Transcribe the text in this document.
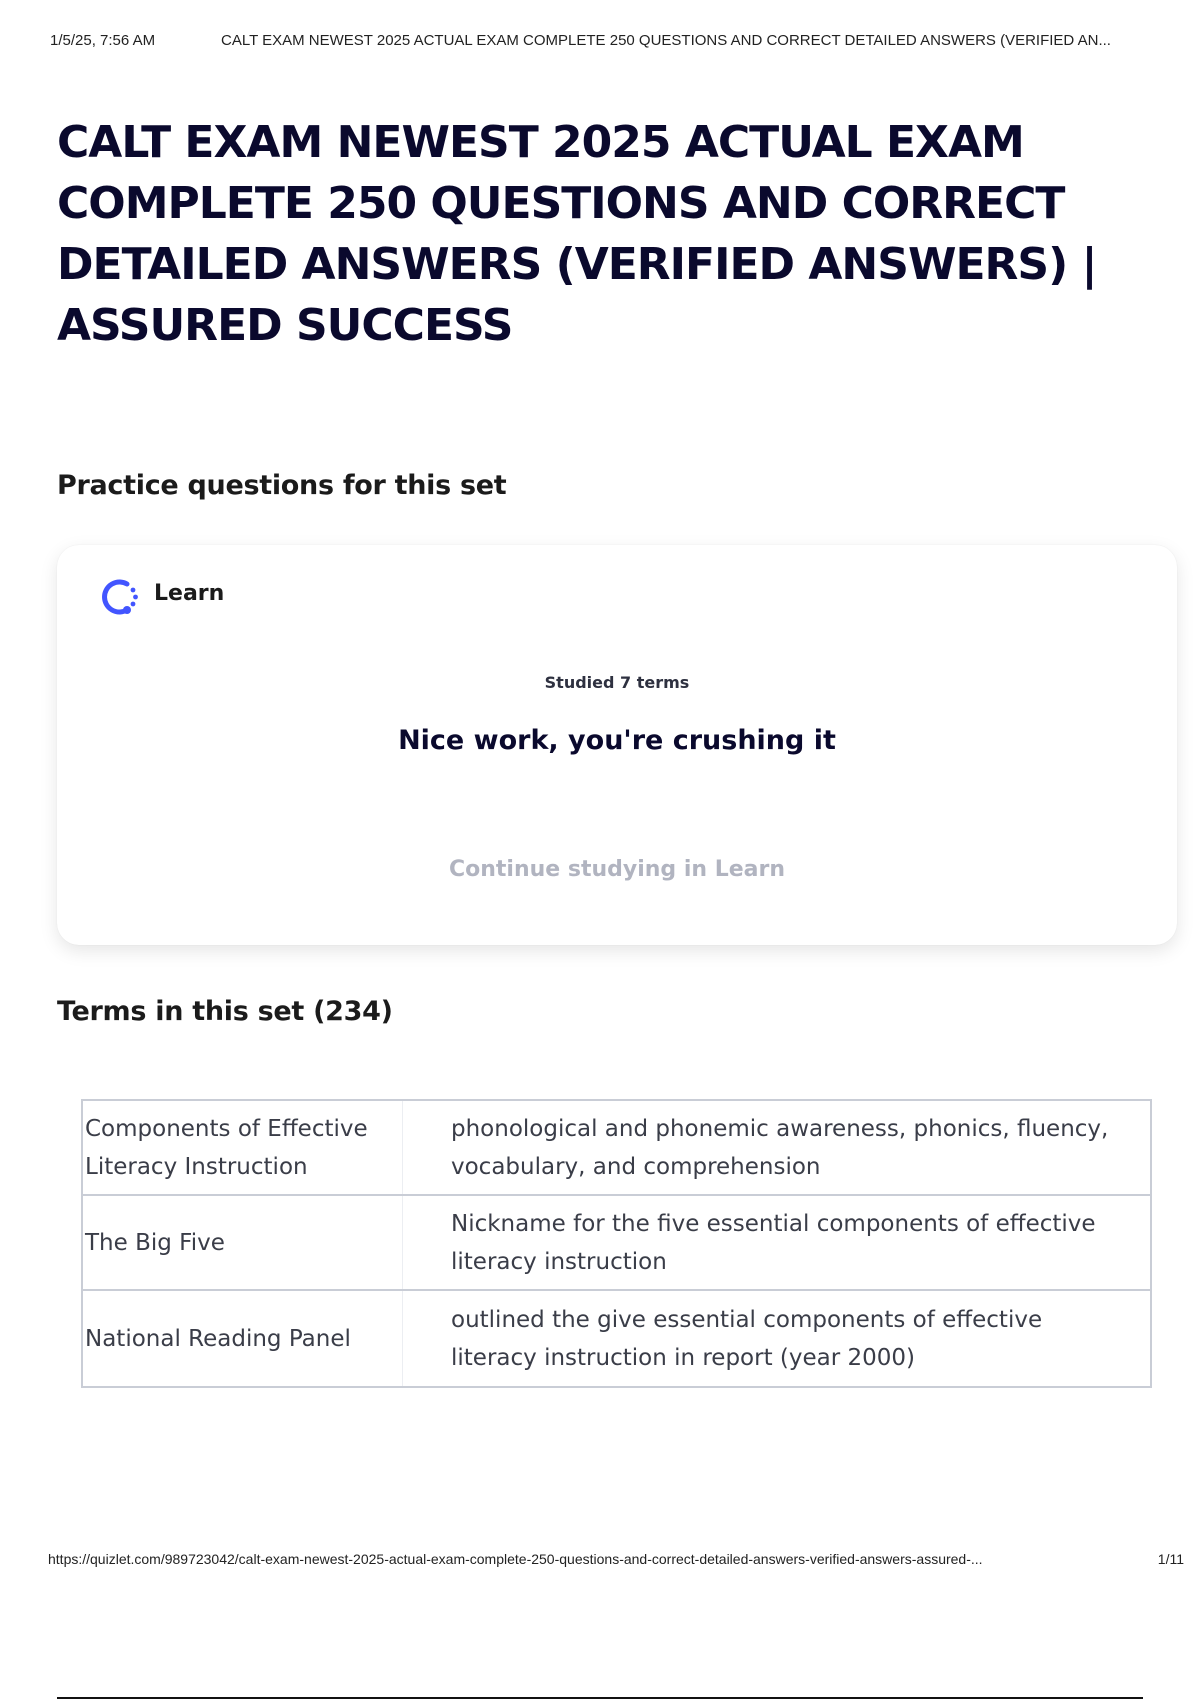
1/5/25, 7:56 AM	CALT EXAM NEWEST 2025 ACTUAL EXAM COMPLETE 250 QUESTIONS AND CORRECT DETAILED ANSWERS (VERIFIED AN...
CALT EXAM NEWEST 2025 ACTUAL EXAM COMPLETE 250 QUESTIONS AND CORRECT DETAILED ANSWERS (VERIFIED ANSWERS) | ASSURED SUCCESS
Practice questions for this set
Learn
Studied 7 terms
Nice work, you're crushing it
Continue studying in Learn
Terms in this set (234)
Components of Effective Literacy Instruction
phonological and phonemic awareness, phonics, fluency, vocabulary, and comprehension
The Big Five
Nickname for the five essential components of effective literacy instruction
National Reading Panel
outlined the give essential components of effective literacy instruction in report (year 2000)
https://quizlet.com/989723042/calt-exam-newest-2025-actual-exam-complete-250-questions-and-correct-detailed-answers-verified-answers-assured-...	1/11
